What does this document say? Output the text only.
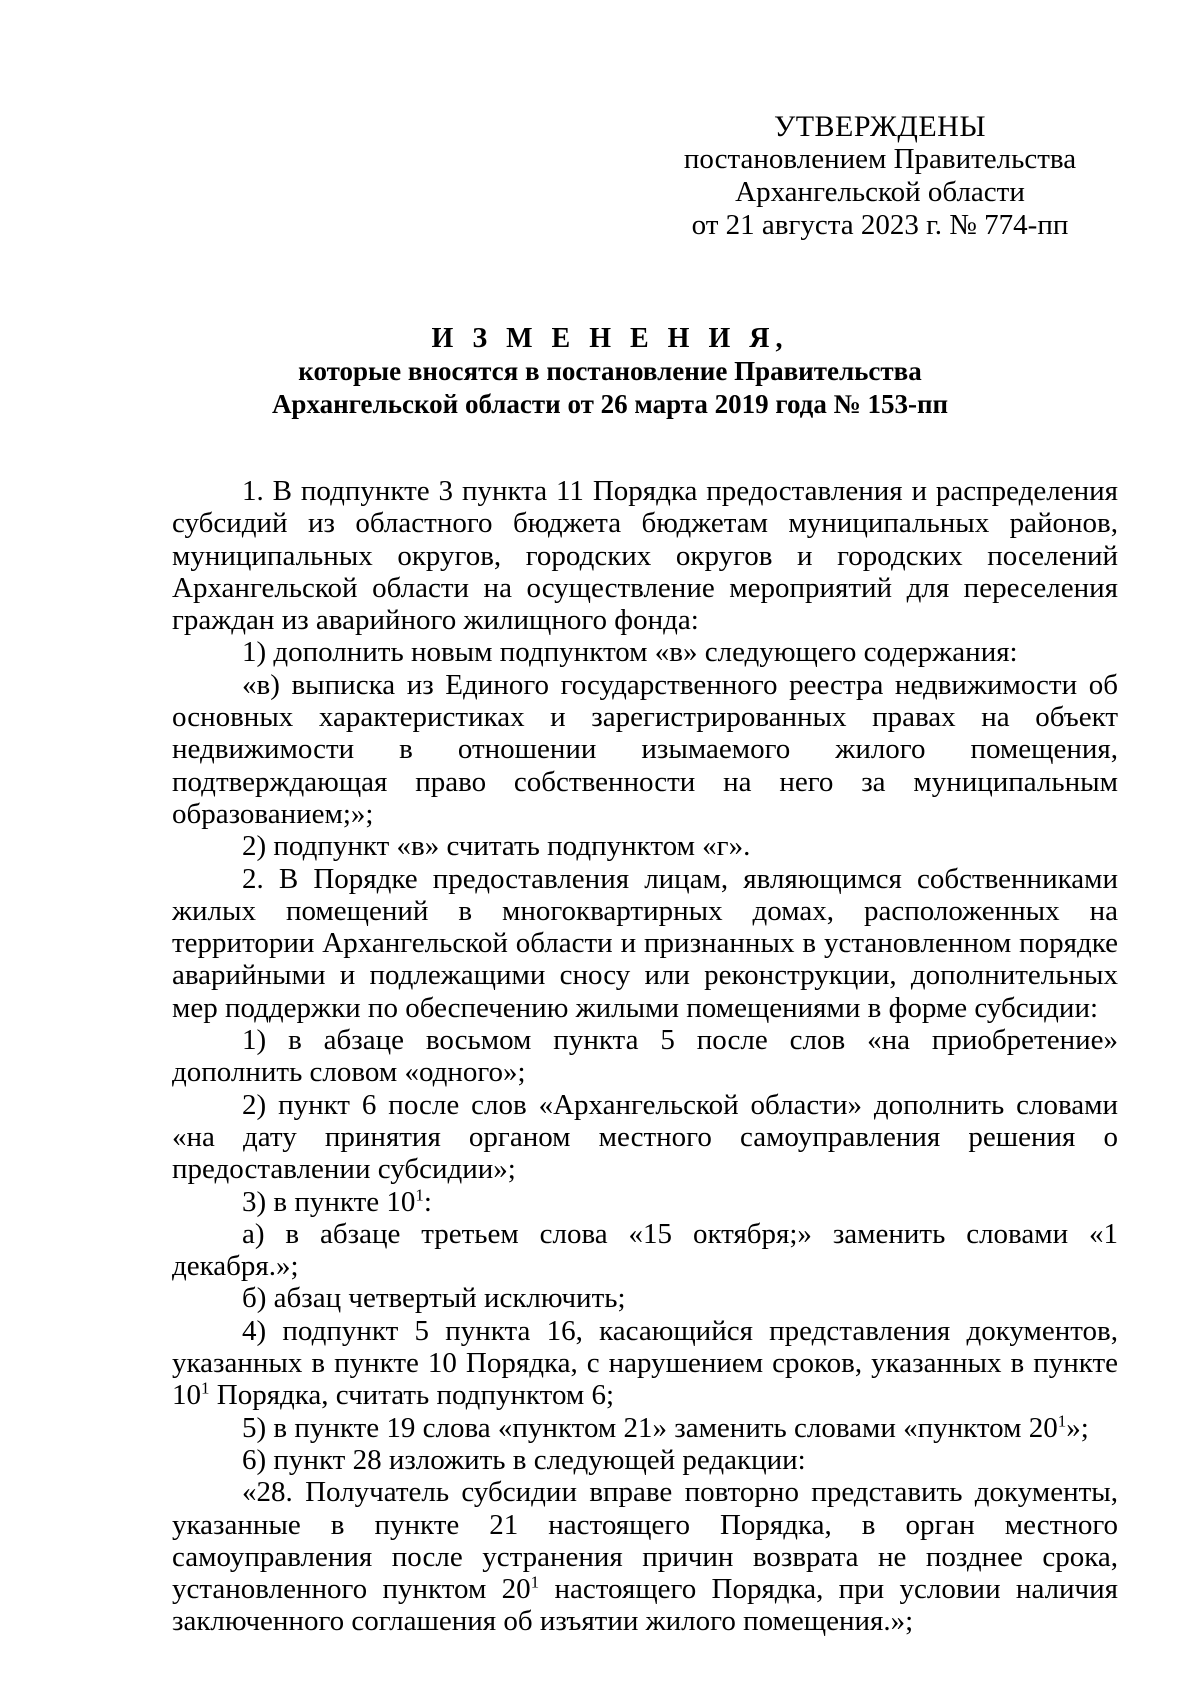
УТВЕРЖДЕНЫ
постановлением Правительства
Архангельской области
от 21 августа 2023 г. № 774-пп
И З М Е Н Е Н И Я,
которые вносятся в постановление Правительства
Архангельской области от 26 марта 2019 года № 153-пп

1. В подпункте 3 пункта 11 Порядка предоставления и распределения субсидий из областного бюджета бюджетам муниципальных районов, муниципальных округов, городских округов и городских поселений Архангельской области на осуществление мероприятий для переселения граждан из аварийного жилищного фонда:

1) дополнить новым подпунктом «в» следующего содержания:

«в) выписка из Единого государственного реестра недвижимости об основных характеристиках и зарегистрированных правах на объект недвижимости в отношении изымаемого жилого помещения, подтверждающая право собственности на него за муниципальным образованием;»;

2) подпункт «в» считать подпунктом «г».

2. В Порядке предоставления лицам, являющимся собственниками жилых помещений в многоквартирных домах, расположенных на территории Архангельской области и признанных в установленном порядке аварийными и подлежащими сносу или реконструкции, дополнительных мер поддержки по обеспечению жилыми помещениями в форме субсидии:

1) в абзаце восьмом пункта 5 после слов «на приобретение» дополнить словом «одного»;

2) пункт 6 после слов «Архангельской области» дополнить словами «на дату принятия органом местного самоуправления решения о предоставлении субсидии»;

3) в пункте $10^1$:

а) в абзаце третьем слова «15 октября;» заменить словами «1 декабря.»;

б) абзац четвертый исключить;

4) подпункт 5 пункта 16, касающийся представления документов, указанных в пункте 10 Порядка, с нарушением сроков, указанных в пункте $10^1$ Порядка, считать подпунктом 6;

5) в пункте 19 слова «пунктом 21» заменить словами «пунктом $20^1$»;

6) пункт 28 изложить в следующей редакции:

«28. Получатель субсидии вправе повторно представить документы, указанные в пункте 21 настоящего Порядка, в орган местного самоуправления после устранения причин возврата не позднее срока, установленного пунктом $20^1$ настоящего Порядка, при условии наличия заключенного соглашения об изъятии жилого помещения.»;
